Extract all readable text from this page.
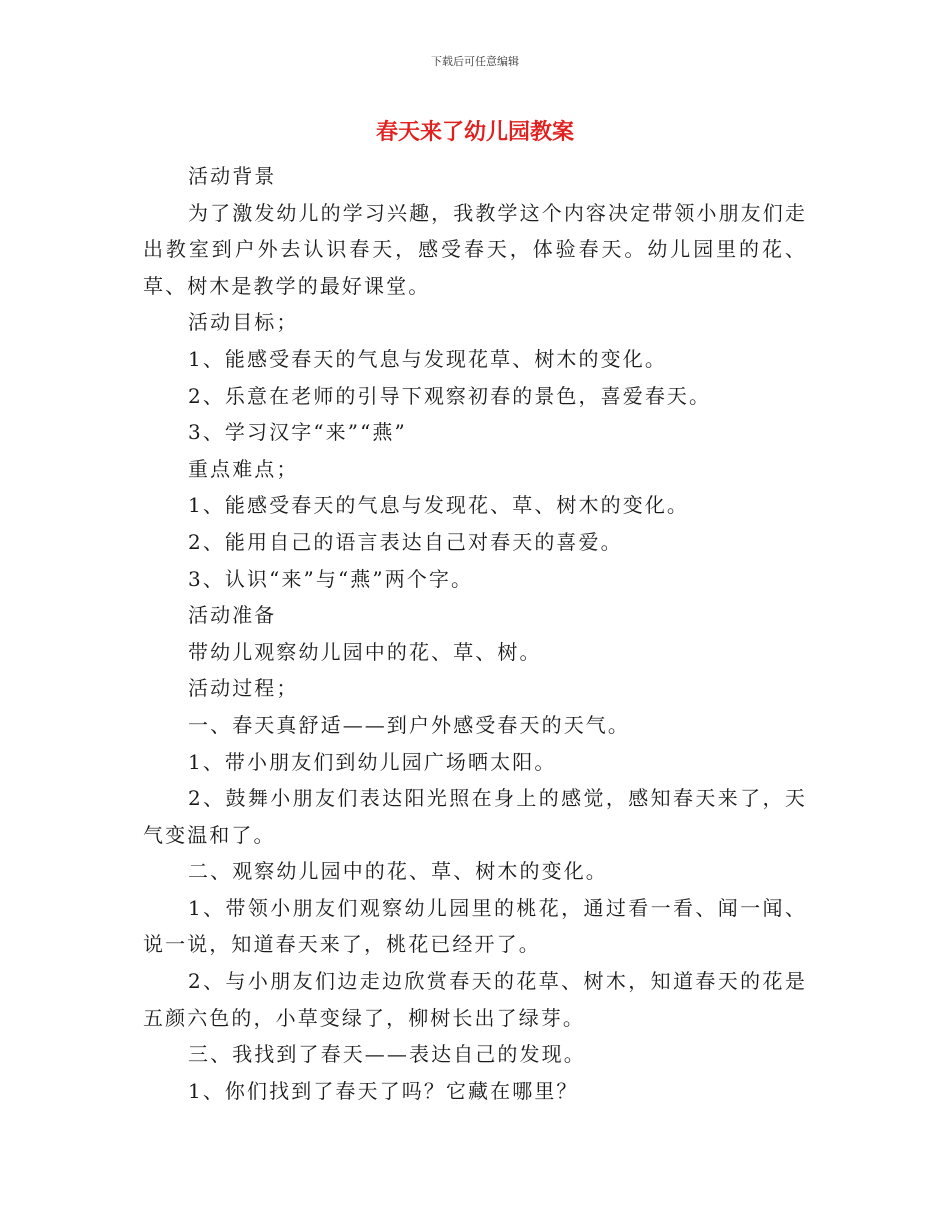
下载后可任意编辑
春天来了幼儿园教案

活动背景

为了激发幼儿的学习兴趣，我教学这个内容决定带领小朋友们走出教室到户外去认识春天，感受春天，体验春天。幼儿园里的花、草、树木是教学的最好课堂。

活动目标；

1、能感受春天的气息与发现花草、树木的变化。

2、乐意在老师的引导下观察初春的景色，喜爱春天。

3、学习汉字“来”“燕”

重点难点；

1、能感受春天的气息与发现花、草、树木的变化。

2、能用自己的语言表达自己对春天的喜爱。

3、认识“来”与“燕”两个字。

活动准备

带幼儿观察幼儿园中的花、草、树。

活动过程；

一、春天真舒适——到户外感受春天的天气。

1、带小朋友们到幼儿园广场晒太阳。

2、鼓舞小朋友们表达阳光照在身上的感觉，感知春天来了，天气变温和了。

二、观察幼儿园中的花、草、树木的变化。

1、带领小朋友们观察幼儿园里的桃花，通过看一看、闻一闻、说一说，知道春天来了，桃花已经开了。

2、与小朋友们边走边欣赏春天的花草、树木，知道春天的花是五颜六色的，小草变绿了，柳树长出了绿芽。

三、我找到了春天——表达自己的发现。

1、你们找到了春天了吗？它藏在哪里？
